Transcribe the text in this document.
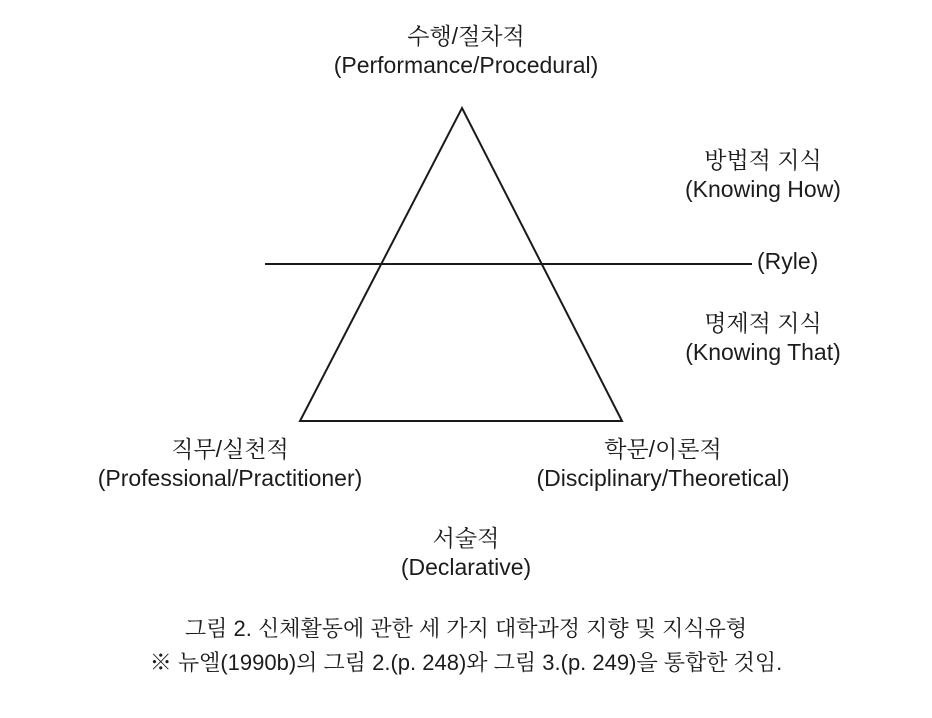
수행/절차적
(Performance/Procedural)
방법적 지식
(Knowing How)
(Ryle)
명제적 지식
(Knowing That)
직무/실천적
(Professional/Practitioner)
학문/이론적
(Disciplinary/Theoretical)
서술적
(Declarative)
그림 2. 신체활동에 관한 세 가지 대학과정 지향 및 지식유형
※ 뉴엘(1990b)의 그림 2.(p. 248)와 그림 3.(p. 249)을 통합한 것임.
